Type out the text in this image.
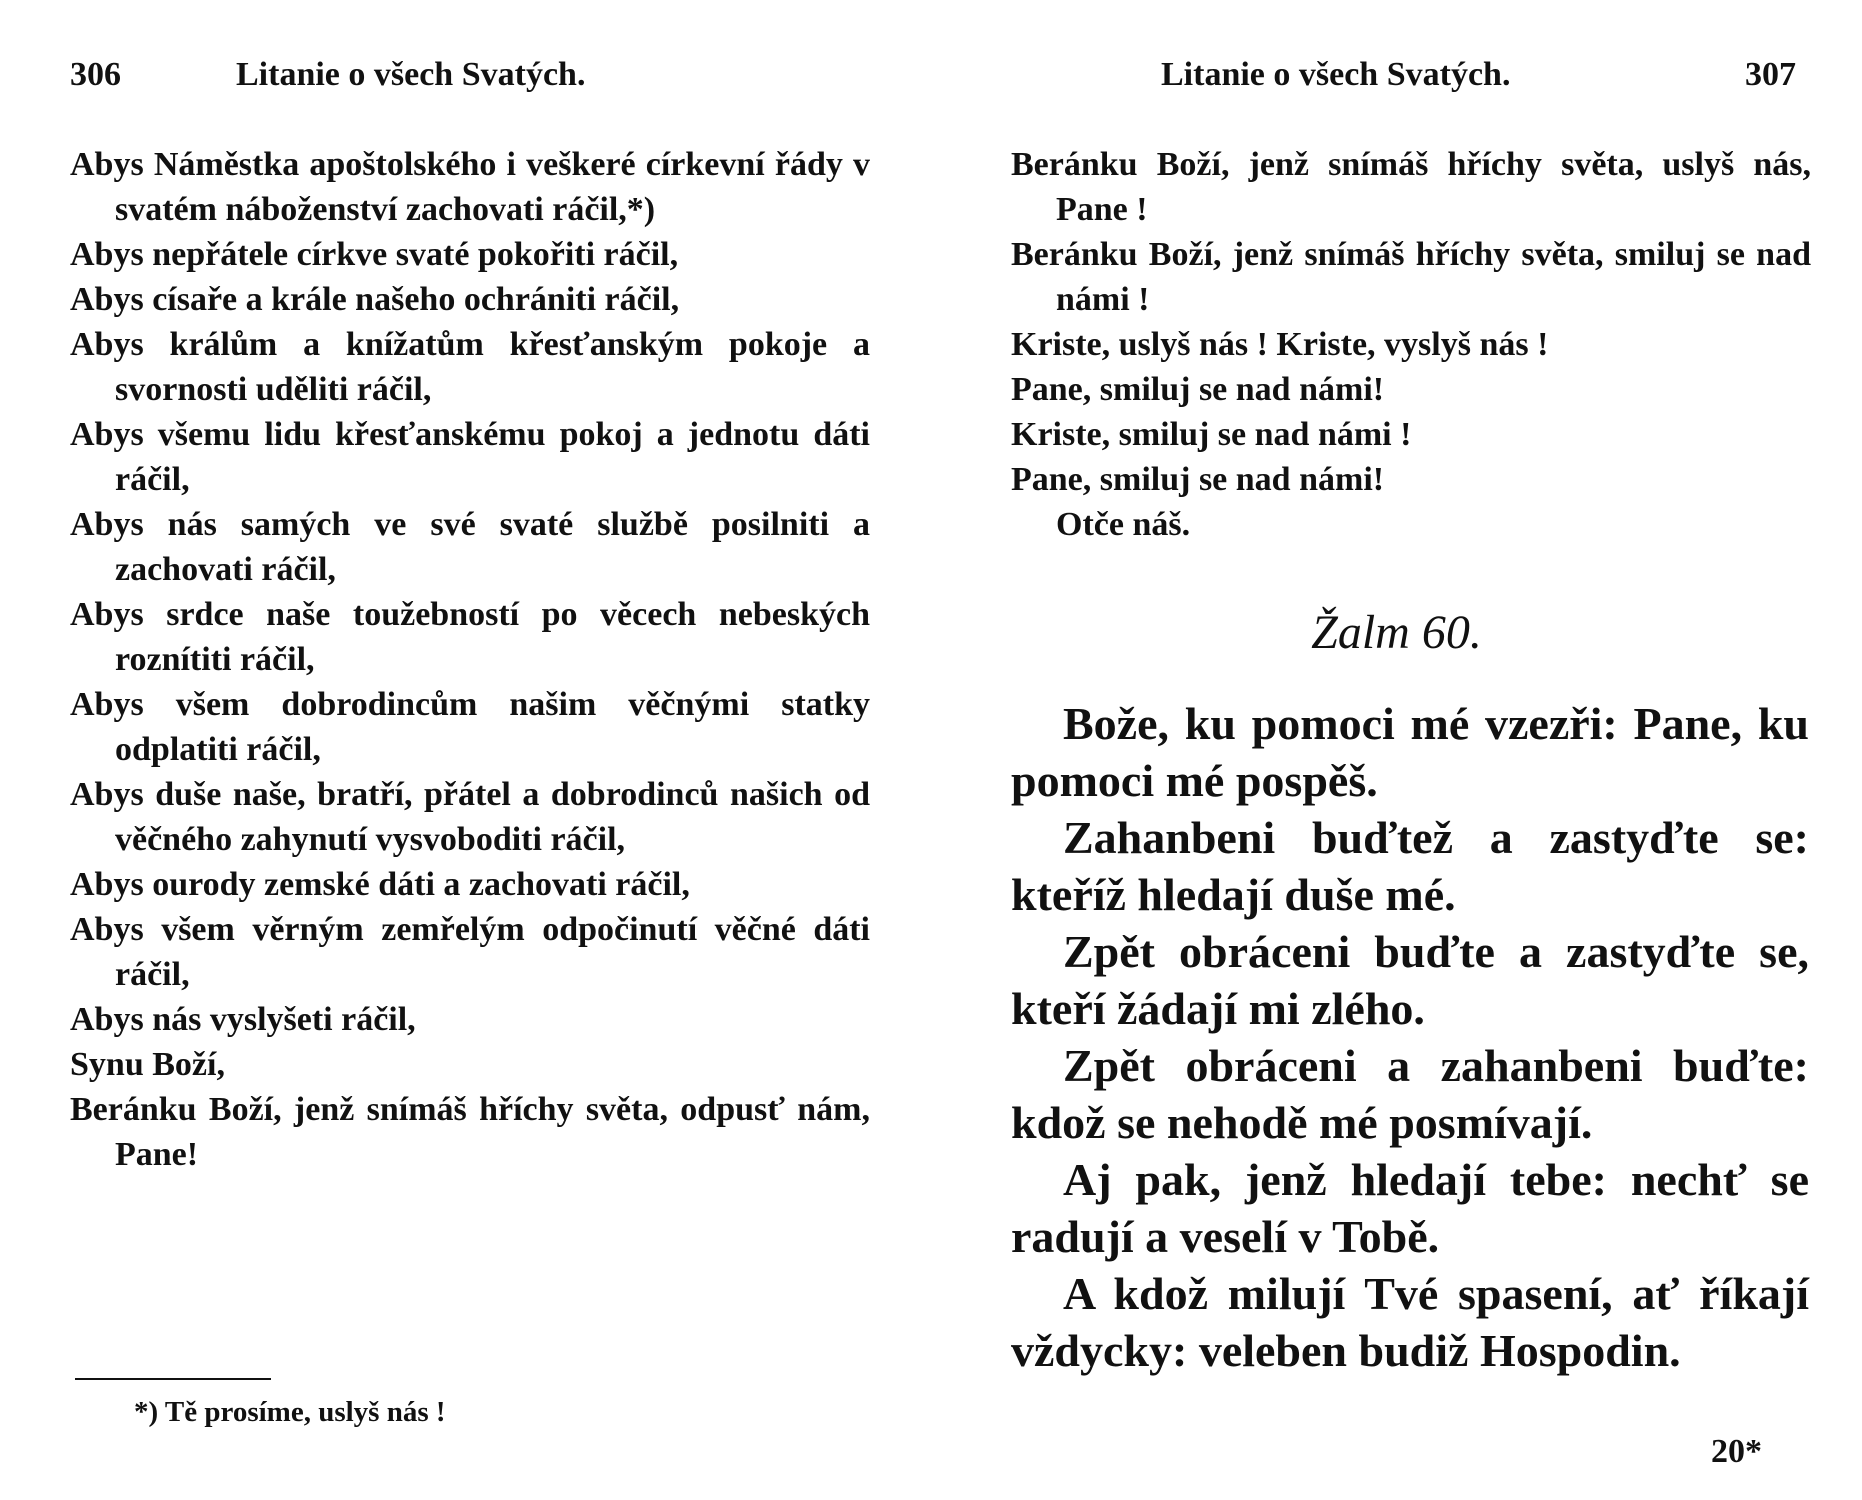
306	Litanie o všech Svatých.

Abys Náměstka apoštolského i veškeré církevní řády v svatém náboženství zachovati ráčil,*)

Abys nepřátele církve svaté pokořiti ráčil,

Abys císaře a krále našeho ochrániti ráčil,

Abys králům a knížatům křesťanským pokoje a svornosti uděliti ráčil,

Abys všemu lidu křesťanskému pokoj a jednotu dáti ráčil,

Abys nás samých ve své svaté službě posilniti a zachovati ráčil,

Abys srdce naše toužebností po věcech nebeských roznítiti ráčil,

Abys všem dobrodincům našim věčnými statky odplatiti ráčil,

Abys duše naše, bratří, přátel a dobrodinců našich od věčného zahynutí vysvoboditi ráčil,

Abys ourody zemské dáti a zachovati ráčil,

Abys všem věrným zemřelým odpočinutí věčné dáti ráčil,

Abys nás vyslyšeti ráčil,

Synu Boží,

Beránku Boží, jenž snímáš hříchy světa, odpusť nám, Pane!

*) Tě prosíme, uslyš nás !
Litanie o všech Svatých.	307

Beránku Boží, jenž snímáš hříchy světa, uslyš nás, Pane !

Beránku Boží, jenž snímáš hříchy světa, smiluj se nad námi !

Kriste, uslyš nás ! Kriste, vyslyš nás !

Pane, smiluj se nad námi!

Kriste, smiluj se nad námi !

Pane, smiluj se nad námi!

Otče náš.

Žalm 60.

Bože, ku pomoci mé vzezři: Pane, ku pomoci mé pospěš.

Zahanbeni buďtež a zastyďte se: kteříž hledají duše mé.

Zpět obráceni buďte a zastyďte se, kteří žádají mi zlého.

Zpět obráceni a zahanbeni buďte: kdož se nehodě mé posmívají.

Aj pak, jenž hledají tebe: nechť se radují a veselí v Tobě.

A kdož milují Tvé spasení, ať říkají vždycky: veleben budiž Hospodin.

20*
